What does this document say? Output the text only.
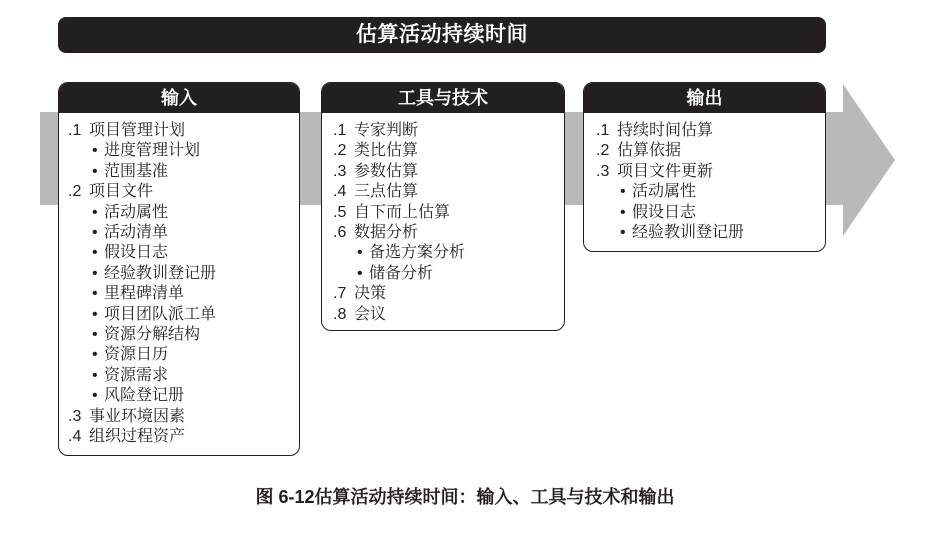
估算活动持续时间
输入
.1 项目管理计划
• 进度管理计划
• 范围基准
.2 项目文件
• 活动属性
• 活动清单
• 假设日志
• 经验教训登记册
• 里程碑清单
• 项目团队派工单
• 资源分解结构
• 资源日历
• 资源需求
• 风险登记册
.3 事业环境因素
.4 组织过程资产
工具与技术
.1 专家判断
.2 类比估算
.3 参数估算
.4 三点估算
.5 自下而上估算
.6 数据分析
• 备选方案分析
• 储备分析
.7 决策
.8 会议
输出
.1 持续时间估算
.2 估算依据
.3 项目文件更新
• 活动属性
• 假设日志
• 经验教训登记册
图 6-12估算活动持续时间：输入、工具与技术和输出
